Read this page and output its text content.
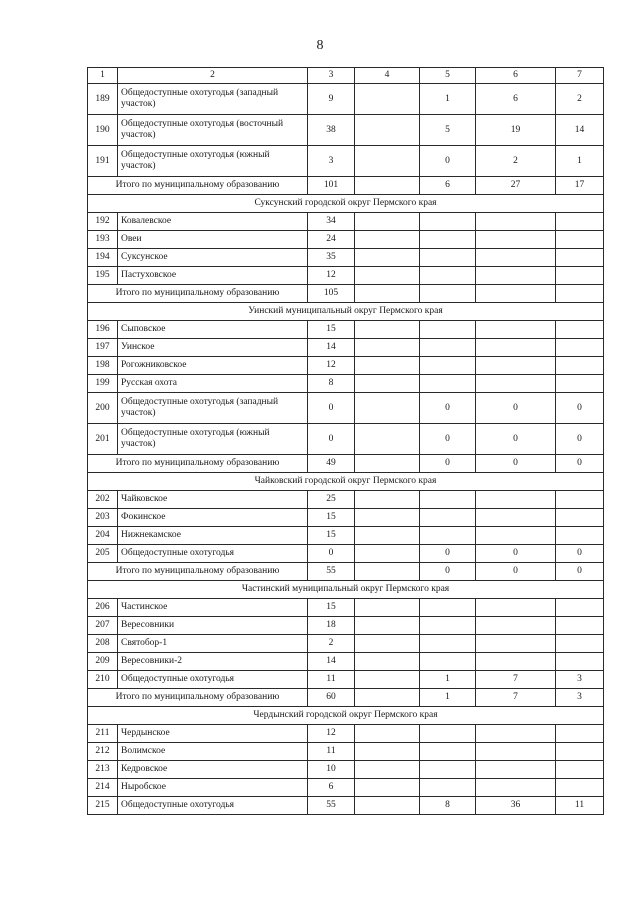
8
1	2	3	4	5	6	7
189	Общедоступные охотугодья (западный участок)	9		1	6	2
190	Общедоступные охотугодья (восточный участок)	38		5	19	14
191	Общедоступные охотугодья (южный участок)	3		0	2	1
Итого по муниципальному образованию		101		6	27	17
Суксунский городской округ Пермского края						
192	Ковалевское	34				
193	Овеи	24				
194	Суксунское	35				
195	Пастуховское	12				
Итого по муниципальному образованию		105				
Уинский муниципальный округ Пермского края						
196	Сыповское	15				
197	Уинское	14				
198	Рогожниковское	12				
199	Русская охота	8				
200	Общедоступные охотугодья (западный участок)	0		0	0	0
201	Общедоступные охотугодья (южный участок)	0		0	0	0
Итого по муниципальному образованию		49		0	0	0
Чайковский городской округ Пермского края						
202	Чайковское	25				
203	Фокинское	15				
204	Нижнекамское	15				
205	Общедоступные охотугодья	0		0	0	0
Итого по муниципальному образованию		55		0	0	0
Частинский муниципальный округ Пермского края						
206	Частинское	15				
207	Вересовники	18				
208	Святобор-1	2				
209	Вересовники-2	14				
210	Общедоступные охотугодья	11		1	7	3
Итого по муниципальному образованию		60		1	7	3
Чердынский городской округ Пермского края						
211	Чердынское	12				
212	Волимское	11				
213	Кедровское	10				
214	Ныробское	6				
215	Общедоступные охотугодья	55		8	36	11
